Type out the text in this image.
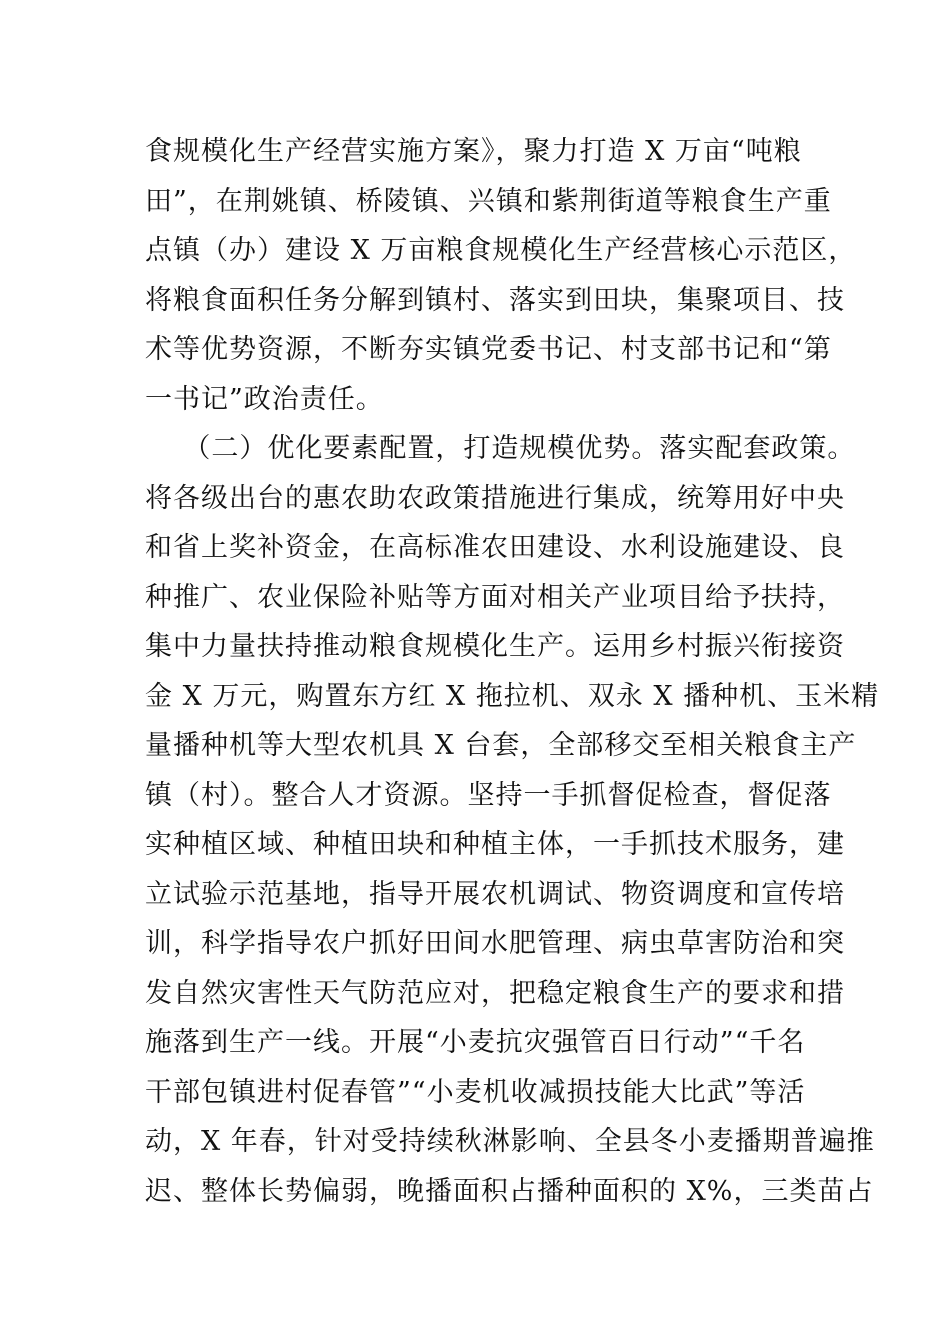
食规模化生产经营实施方案》，聚力打造 X 万亩“吨粮
田”，在荆姚镇、桥陵镇、兴镇和紫荆街道等粮食生产重
点镇（办）建设 X 万亩粮食规模化生产经营核心示范区，
将粮食面积任务分解到镇村、落实到田块，集聚项目、技
术等优势资源，不断夯实镇党委书记、村支部书记和“第
一书记”政治责任。
（二）优化要素配置，打造规模优势。落实配套政策。
将各级出台的惠农助农政策措施进行集成，统筹用好中央
和省上奖补资金，在高标准农田建设、水利设施建设、良
种推广、农业保险补贴等方面对相关产业项目给予扶持，
集中力量扶持推动粮食规模化生产。运用乡村振兴衔接资
金 X 万元，购置东方红 X 拖拉机、双永 X 播种机、玉米精
量播种机等大型农机具 X 台套，全部移交至相关粮食主产
镇（村）。整合人才资源。坚持一手抓督促检查，督促落
实种植区域、种植田块和种植主体，一手抓技术服务，建
立试验示范基地，指导开展农机调试、物资调度和宣传培
训，科学指导农户抓好田间水肥管理、病虫草害防治和突
发自然灾害性天气防范应对，把稳定粮食生产的要求和措
施落到生产一线。开展“小麦抗灾强管百日行动”“千名
干部包镇进村促春管”“小麦机收减损技能大比武”等活
动，X 年春，针对受持续秋淋影响、全县冬小麦播期普遍推
迟、整体长势偏弱，晚播面积占播种面积的 X%，三类苗占
